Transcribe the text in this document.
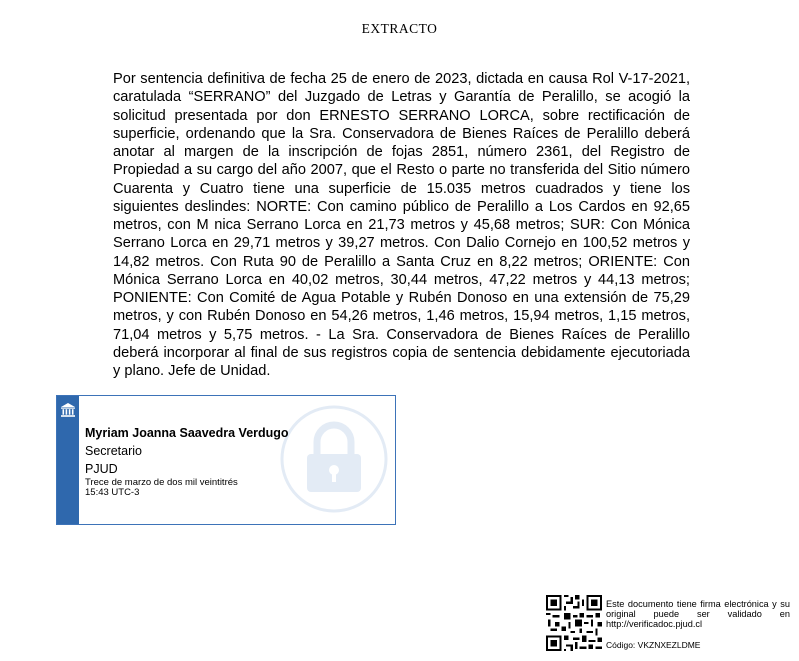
EXTRACTO

Por sentencia definitiva de fecha 25 de enero de 2023, dictada en causa Rol V-17-2021, caratulada “SERRANO” del Juzgado de Letras y Garantía de Peralillo, se acogió la solicitud presentada por don ERNESTO SERRANO LORCA, sobre rectificación de superficie, ordenando que la Sra. Conservadora de Bienes Raíces de Peralillo deberá anotar al margen de la inscripción de fojas 2851, número 2361, del Registro de Propiedad a su cargo del año 2007, que el Resto o parte no transferida del Sitio número Cuarenta y Cuatro tiene una superficie de 15.035 metros cuadrados y tiene los siguientes deslindes: NORTE: Con camino público de Peralillo a Los Cardos en 92,65 metros, con M nica Serrano Lorca en 21,73 metros y 45,68 metros; SUR: Con Mónica Serrano Lorca en 29,71 metros y 39,27 metros. Con Dalio Cornejo en 100,52 metros y 14,82 metros. Con Ruta 90 de Peralillo a Santa Cruz en 8,22 metros; ORIENTE: Con Mónica Serrano Lorca en 40,02 metros, 30,44 metros, 47,22 metros y 44,13 metros; PONIENTE: Con Comité de Agua Potable y Rubén Donoso en una extensión de 75,29 metros, y con Rubén Donoso en 54,26 metros, 1,46 metros, 15,94 metros, 1,15 metros, 71,04 metros y 5,75 metros. - La Sra. Conservadora de Bienes Raíces de Peralillo deberá incorporar al final de sus registros copia de sentencia debidamente ejecutoriada y plano. Jefe de Unidad.

Myriam Joanna Saavedra Verdugo
Secretario
PJUD
Trece de marzo de dos mil veintitrés
15:43 UTC-3
Este documento tiene firma electrónica y su original puede ser validado en http://verificadoc.pjud.cl
Código: VKZNXEZLDME
